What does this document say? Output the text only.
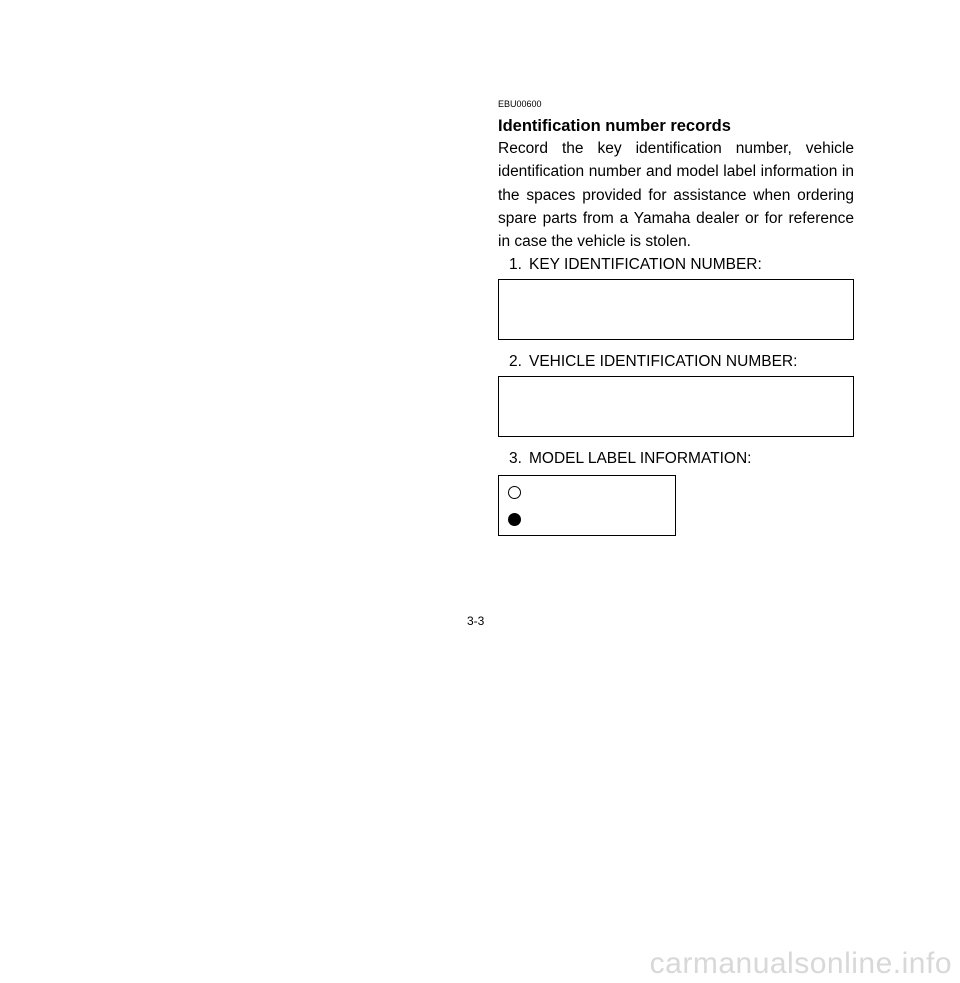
EBU00600
Identification number records

Record the key identification number, vehicle identification number and model label information in the spaces provided for assistance when ordering spare parts from a Yamaha dealer or for reference in case the vehicle is stolen.

1. KEY IDENTIFICATION NUMBER:
2. VEHICLE IDENTIFICATION NUMBER:
3. MODEL LABEL INFORMATION:
3-3
carmanualsonline.info
